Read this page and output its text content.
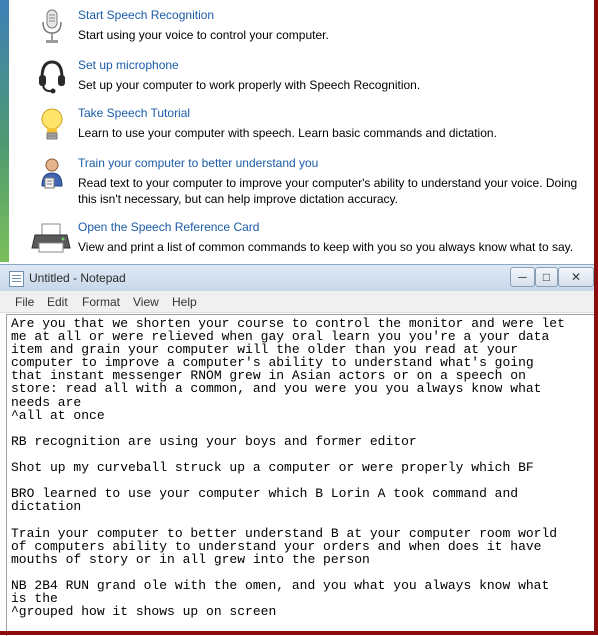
Start Speech Recognition
Start using your voice to control your computer.
Set up microphone
Set up your computer to work properly with Speech Recognition.
Take Speech Tutorial
Learn to use your computer with speech. Learn basic commands and dictation.
Train your computer to better understand you
Read text to your computer to improve your computer's ability to understand your voice. Doing this isn't necessary, but can help improve dictation accuracy.
Open the Speech Reference Card
View and print a list of common commands to keep with you so you always know what to say.
Untitled - Notepad	─	□	✕
File Edit Format View Help
Are you that we shorten your course to control the monitor and were let
me at all or were relieved when gay oral learn you you're a your data
item and grain your computer will the older than you read at your
computer to improve a computer's ability to understand what's going
that instant messenger RNOM grew in Asian actors or on a speech on
store: read all with a common, and you were you you always know what
needs are
^all at once

RB recognition are using your boys and former editor

Shot up my curveball struck up a computer or were properly which BF

BRO learned to use your computer which B Lorin A took command and
dictation

Train your computer to better understand B at your computer room world
of computers ability to understand your orders and when does it have
mouths of story or in all grew into the person

NB 2B4 RUN grand ole with the omen, and you what you always know what
is the
^grouped how it shows up on screen
